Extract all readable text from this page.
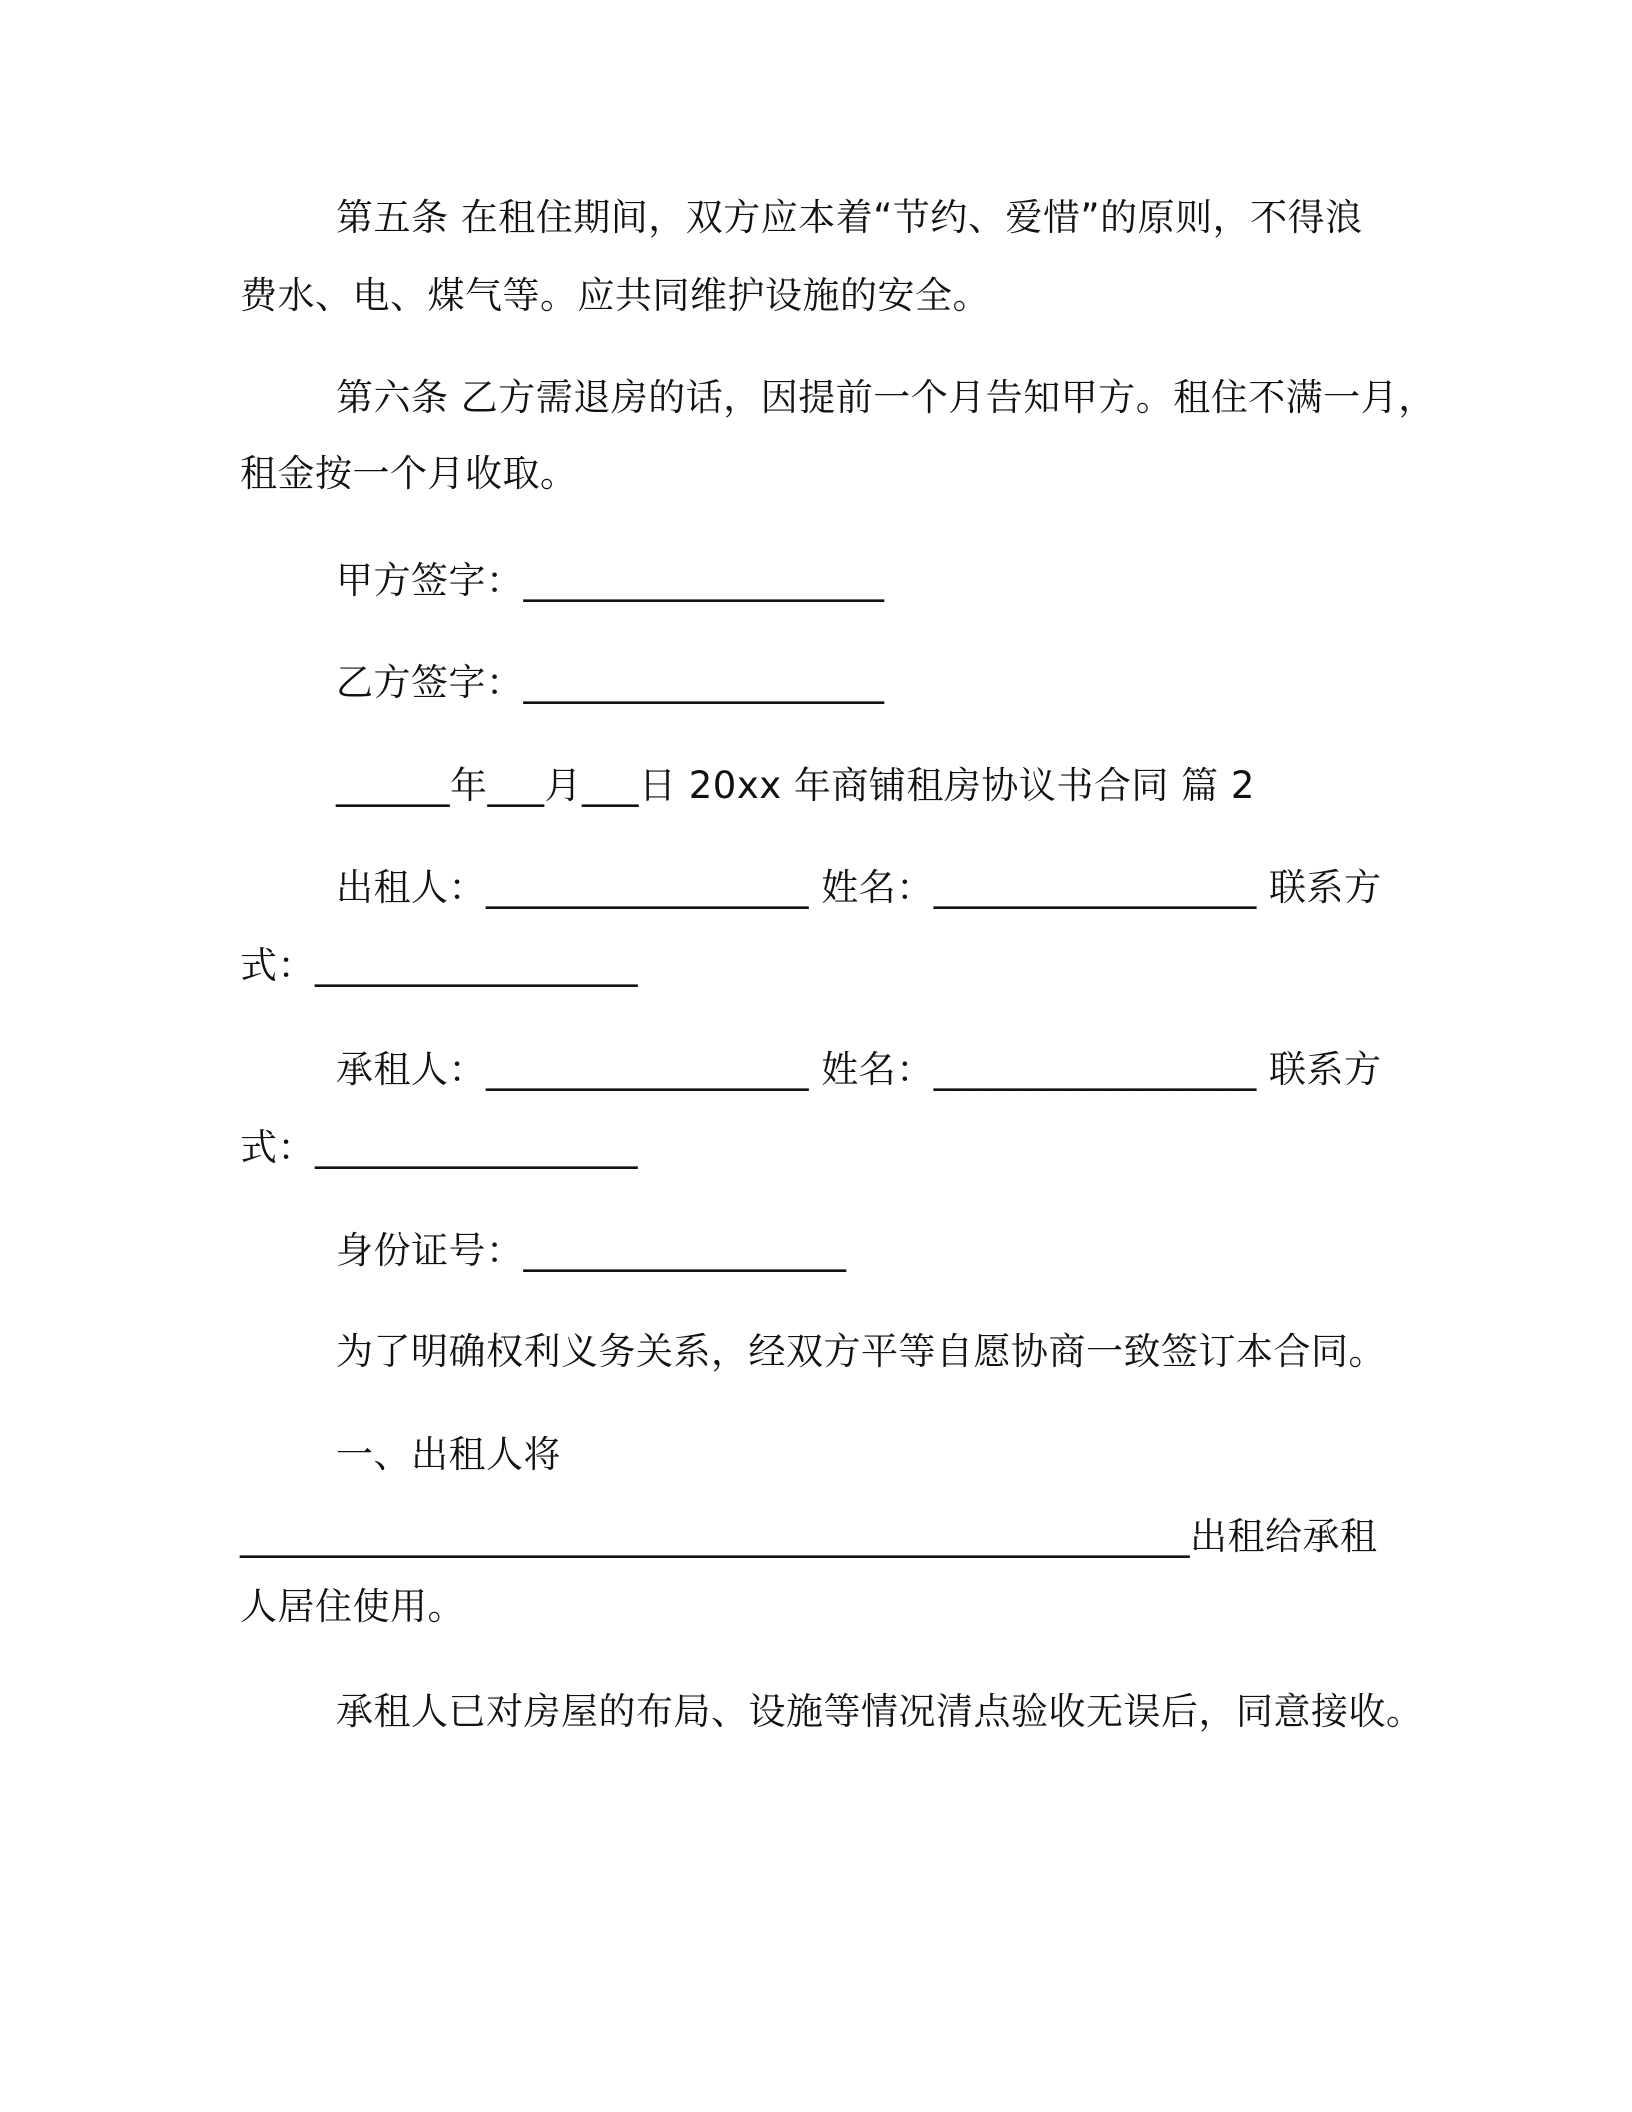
第五条 在租住期间，双方应本着“节约、爱惜”的原则，不得浪
费水、电、煤气等。应共同维护设施的安全。
第六条 乙方需退房的话，因提前一个月告知甲方。租住不满一月，
租金按一个月收取。
甲方签字：___________________
乙方签字：___________________
______年___月___日 20xx 年商铺租房协议书合同 篇 2
出租人：_________________ 姓名：_________________ 联系方
式：_________________
承租人：_________________ 姓名：_________________ 联系方
式：_________________
身份证号：_________________
为了明确权利义务关系，经双方平等自愿协商一致签订本合同。
一、出租人将
__________________________________________________出租给承租
人居住使用。
承租人已对房屋的布局、设施等情况清点验收无误后，同意接收。
